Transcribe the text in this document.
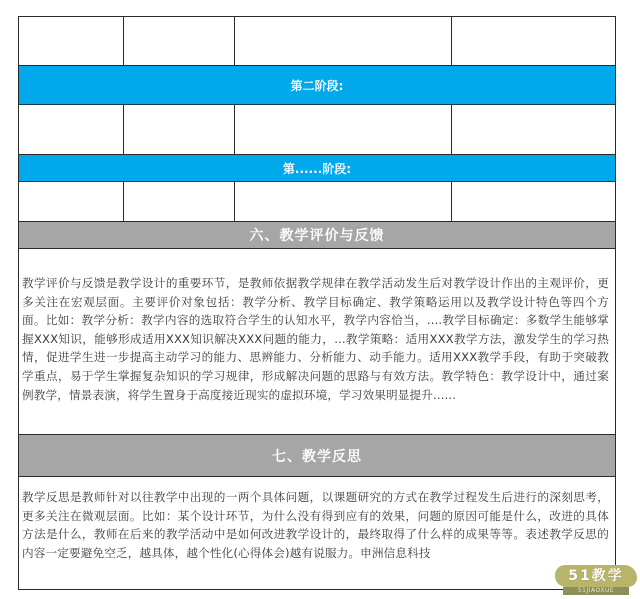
第二阶段:
第......阶段:
六、教学评价与反馈
教学评价与反馈是教学设计的重要环节，是教师依据教学规律在教学活动发生后对教学设计作出的主观评价，更多关注在宏观层面。主要评价对象包括：教学分析、教学目标确定、教学策略运用以及教学设计特色等四个方面。比如：教学分析：教学内容的选取符合学生的认知水平，教学内容恰当，....教学目标确定：多数学生能够掌握XXX知识，能够形成适用XXX知识解决XXX问题的能力，...教学策略：适用XXX教学方法，激发学生的学习热情，促进学生进一步提高主动学习的能力、思辨能力、分析能力、动手能力。适用XXX教学手段，有助于突破教学重点，易于学生掌握复杂知识的学习规律，形成解决问题的思路与有效方法。教学特色：教学设计中，通过案例教学，情景表演，将学生置身于高度接近现实的虚拟环境，学习效果明显提升......
七、教学反思
教学反思是教师针对以往教学中出现的一两个具体问题，以课题研究的方式在教学过程发生后进行的深刻思考，更多关注在微观层面。比如：某个设计环节，为什么没有得到应有的效果，问题的原因可能是什么，改进的具体方法是什么，教师在后来的教学活动中是如何改进教学设计的，最终取得了什么样的成果等等。表述教学反思的内容一定要避免空乏，越具体，越个性化(心得体会)越有说服力。申洲信息科技
51教学
51JIAOXUE
